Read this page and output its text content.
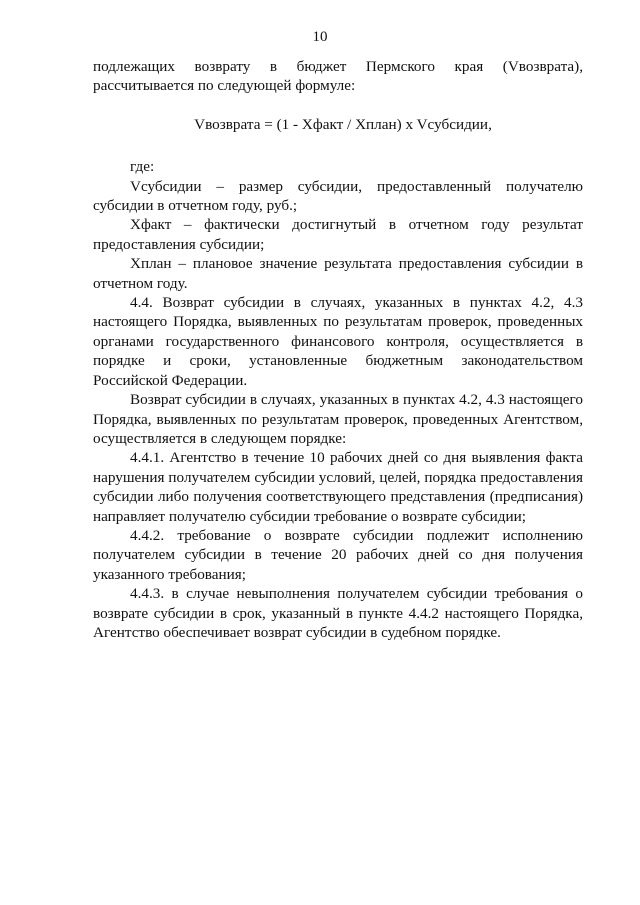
10

подлежащих возврату в бюджет Пермского края (Vвозврата), рассчитывается по следующей формуле:

Vвозврата = (1 - Xфакт / Xплан) x Vсубсидии,

где:

Vсубсидии – размер субсидии, предоставленный получателю субсидии в отчетном году, руб.;

Xфакт – фактически достигнутый в отчетном году результат предоставления субсидии;

Xплан – плановое значение результата предоставления субсидии в отчетном году.

4.4. Возврат субсидии в случаях, указанных в пунктах 4.2, 4.3 настоящего Порядка, выявленных по результатам проверок, проведенных органами государственного финансового контроля, осуществляется в порядке и сроки, установленные бюджетным законодательством Российской Федерации.

Возврат субсидии в случаях, указанных в пунктах 4.2, 4.3 настоящего Порядка, выявленных по результатам проверок, проведенных Агентством, осуществляется в следующем порядке:

4.4.1. Агентство в течение 10 рабочих дней со дня выявления факта нарушения получателем субсидии условий, целей, порядка предоставления субсидии либо получения соответствующего представления (предписания) направляет получателю субсидии требование о возврате субсидии;

4.4.2. требование о возврате субсидии подлежит исполнению получателем субсидии в течение 20 рабочих дней со дня получения указанного требования;

4.4.3. в случае невыполнения получателем субсидии требования о возврате субсидии в срок, указанный в пункте 4.4.2 настоящего Порядка, Агентство обеспечивает возврат субсидии в судебном порядке.
